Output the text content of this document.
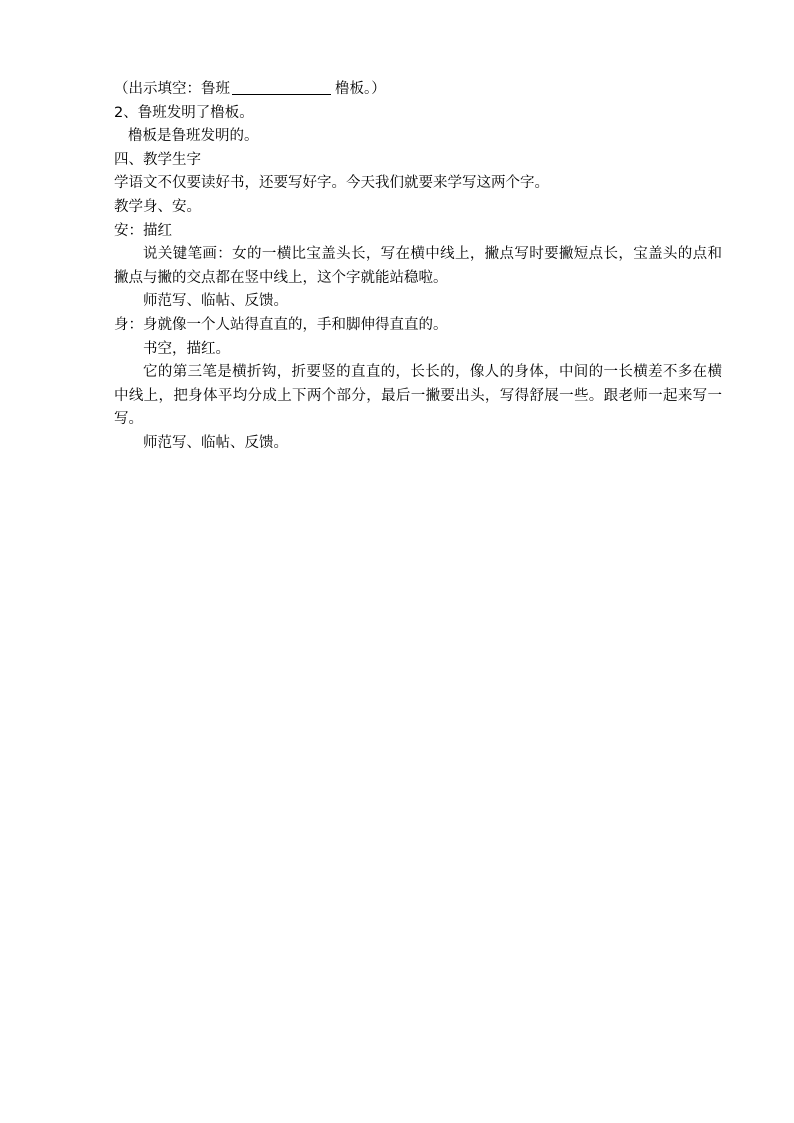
（出示填空：鲁班	橹板。）

2、鲁班发明了橹板。

橹板是鲁班发明的。

四、教学生字

学语文不仅要读好书，还要写好字。今天我们就要来学写这两个字。

教学身、安。

安：描红

说关键笔画：女的一横比宝盖头长，写在横中线上，撇点写时要撇短点长，宝盖头的点和撇点与撇的交点都在竖中线上，这个字就能站稳啦。

师范写、临帖、反馈。

身：身就像一个人站得直直的，手和脚伸得直直的。

书空，描红。

它的第三笔是横折钩，折要竖的直直的，长长的，像人的身体，中间的一长横差不多在横中线上，把身体平均分成上下两个部分，最后一撇要出头，写得舒展一些。跟老师一起来写一写。

师范写、临帖、反馈。
